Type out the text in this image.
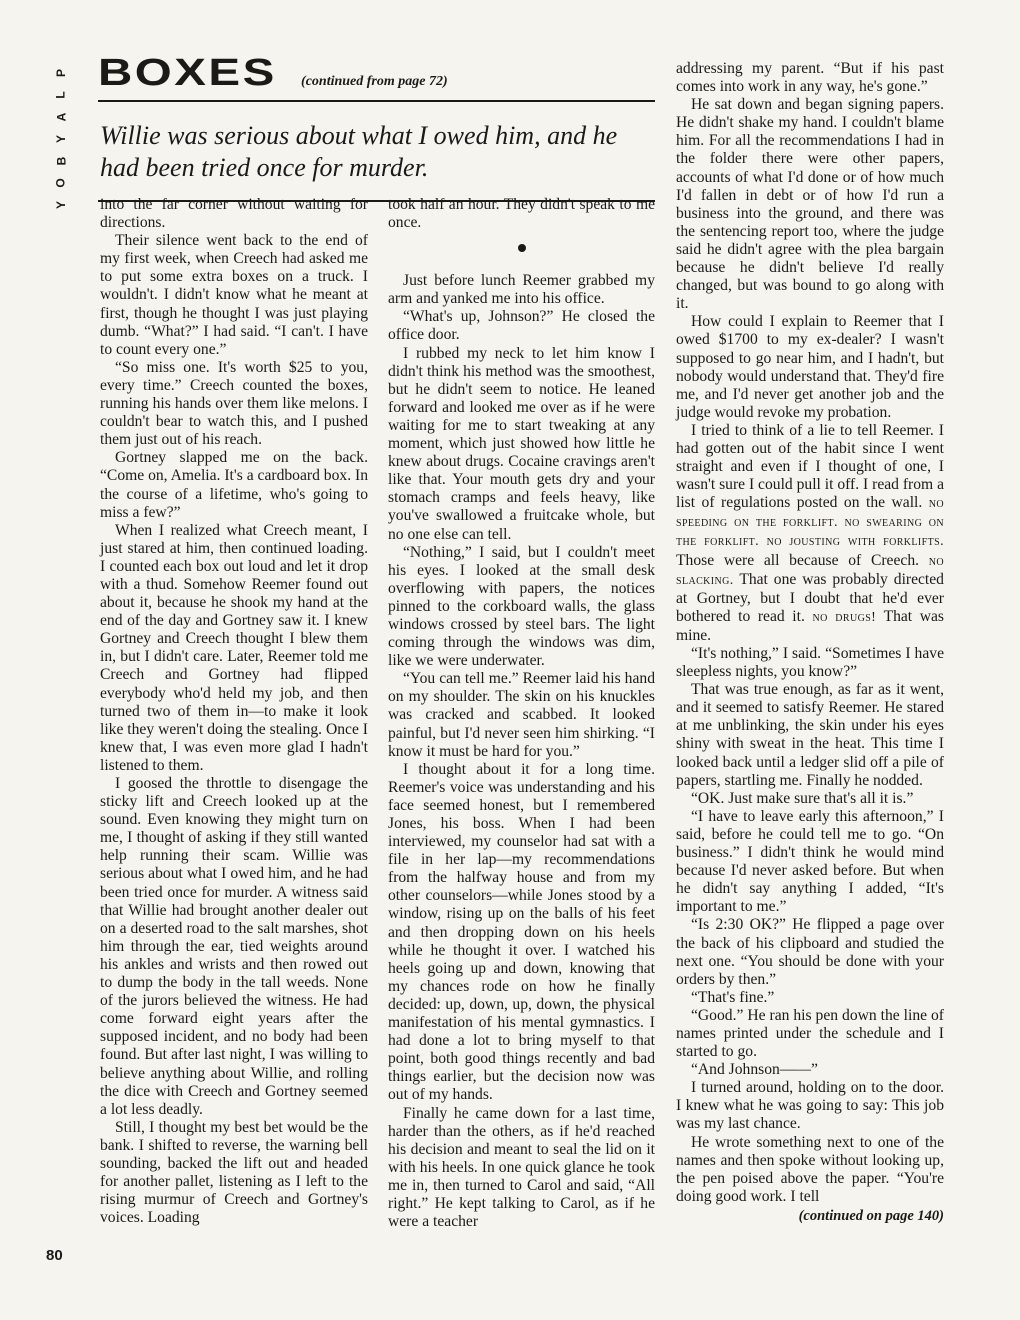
P
L
A
Y
B
O
Y
80
BOXES (continued from page 72)
Willie was serious about what I owed him, and he had been tried once for murder.

into the far corner without waiting for directions.

Their silence went back to the end of my first week, when Creech had asked me to put some extra boxes on a truck. I wouldn't. I didn't know what he meant at first, though he thought I was just playing dumb. “What?” I had said. “I can't. I have to count every one.”

“So miss one. It's worth $25 to you, every time.” Creech counted the boxes, running his hands over them like melons. I couldn't bear to watch this, and I pushed them just out of his reach.

Gortney slapped me on the back. “Come on, Amelia. It's a cardboard box. In the course of a lifetime, who's going to miss a few?”

When I realized what Creech meant, I just stared at him, then continued loading. I counted each box out loud and let it drop with a thud. Somehow Reemer found out about it, because he shook my hand at the end of the day and Gortney saw it. I knew Gortney and Creech thought I blew them in, but I didn't care. Later, Reemer told me Creech and Gortney had flipped everybody who'd held my job, and then turned two of them in—to make it look like they weren't doing the stealing. Once I knew that, I was even more glad I hadn't listened to them.

I goosed the throttle to disengage the sticky lift and Creech looked up at the sound. Even knowing they might turn on me, I thought of asking if they still wanted help running their scam. Willie was serious about what I owed him, and he had been tried once for murder. A witness said that Willie had brought another dealer out on a deserted road to the salt marshes, shot him through the ear, tied weights around his ankles and wrists and then rowed out to dump the body in the tall weeds. None of the jurors believed the witness. He had come forward eight years after the supposed incident, and no body had been found. But after last night, I was willing to believe anything about Willie, and rolling the dice with Creech and Gortney seemed a lot less deadly.

Still, I thought my best bet would be the bank. I shifted to reverse, the warning bell sounding, backed the lift out and headed for another pallet, listening as I left to the rising murmur of Creech and Gortney's voices. Loading

took half an hour. They didn't speak to me once.

Just before lunch Reemer grabbed my arm and yanked me into his office.

“What's up, Johnson?” He closed the office door.

I rubbed my neck to let him know I didn't think his method was the smoothest, but he didn't seem to notice. He leaned forward and looked me over as if he were waiting for me to start tweaking at any moment, which just showed how little he knew about drugs. Cocaine cravings aren't like that. Your mouth gets dry and your stomach cramps and feels heavy, like you've swallowed a fruitcake whole, but no one else can tell.

“Nothing,” I said, but I couldn't meet his eyes. I looked at the small desk overflowing with papers, the notices pinned to the corkboard walls, the glass windows crossed by steel bars. The light coming through the windows was dim, like we were underwater.

“You can tell me.” Reemer laid his hand on my shoulder. The skin on his knuckles was cracked and scabbed. It looked painful, but I'd never seen him shirking. “I know it must be hard for you.”

I thought about it for a long time. Reemer's voice was understanding and his face seemed honest, but I remembered Jones, his boss. When I had been interviewed, my counselor had sat with a file in her lap—my recommendations from the halfway house and from my other counselors—while Jones stood by a window, rising up on the balls of his feet and then dropping down on his heels while he thought it over. I watched his heels going up and down, knowing that my chances rode on how he finally decided: up, down, up, down, the physical manifestation of his mental gymnastics. I had done a lot to bring myself to that point, both good things recently and bad things earlier, but the decision now was out of my hands.

Finally he came down for a last time, harder than the others, as if he'd reached his decision and meant to seal the lid on it with his heels. In one quick glance he took me in, then turned to Carol and said, “All right.” He kept talking to Carol, as if he were a teacher

addressing my parent. “But if his past comes into work in any way, he's gone.”

He sat down and began signing papers. He didn't shake my hand. I couldn't blame him. For all the recommendations I had in the folder there were other papers, accounts of what I'd done or of how much I'd fallen in debt or of how I'd run a business into the ground, and there was the sentencing report too, where the judge said he didn't agree with the plea bargain because he didn't believe I'd really changed, but was bound to go along with it.

How could I explain to Reemer that I owed $1700 to my ex-dealer? I wasn't supposed to go near him, and I hadn't, but nobody would understand that. They'd fire me, and I'd never get another job and the judge would revoke my probation.

I tried to think of a lie to tell Reemer. I had gotten out of the habit since I went straight and even if I thought of one, I wasn't sure I could pull it off. I read from a list of regulations posted on the wall. no speeding on the forklift. no swearing on the forklift. no jousting with forklifts. Those were all because of Creech. no slacking. That one was probably directed at Gortney, but I doubt that he'd ever bothered to read it. no drugs! That was mine.

“It's nothing,” I said. “Sometimes I have sleepless nights, you know?”

That was true enough, as far as it went, and it seemed to satisfy Reemer. He stared at me unblinking, the skin under his eyes shiny with sweat in the heat. This time I looked back until a ledger slid off a pile of papers, startling me. Finally he nodded.

“OK. Just make sure that's all it is.”

“I have to leave early this afternoon,” I said, before he could tell me to go. “On business.” I didn't think he would mind because I'd never asked before. But when he didn't say anything I added, “It's important to me.”

“Is 2:30 OK?” He flipped a page over the back of his clipboard and studied the next one. “You should be done with your orders by then.”

“That's fine.”

“Good.” He ran his pen down the line of names printed under the schedule and I started to go.

“And Johnson——”

I turned around, holding on to the door. I knew what he was going to say: This job was my last chance.

He wrote something next to one of the names and then spoke without looking up, the pen poised above the paper. “You're doing good work. I tell

(continued on page 140)
